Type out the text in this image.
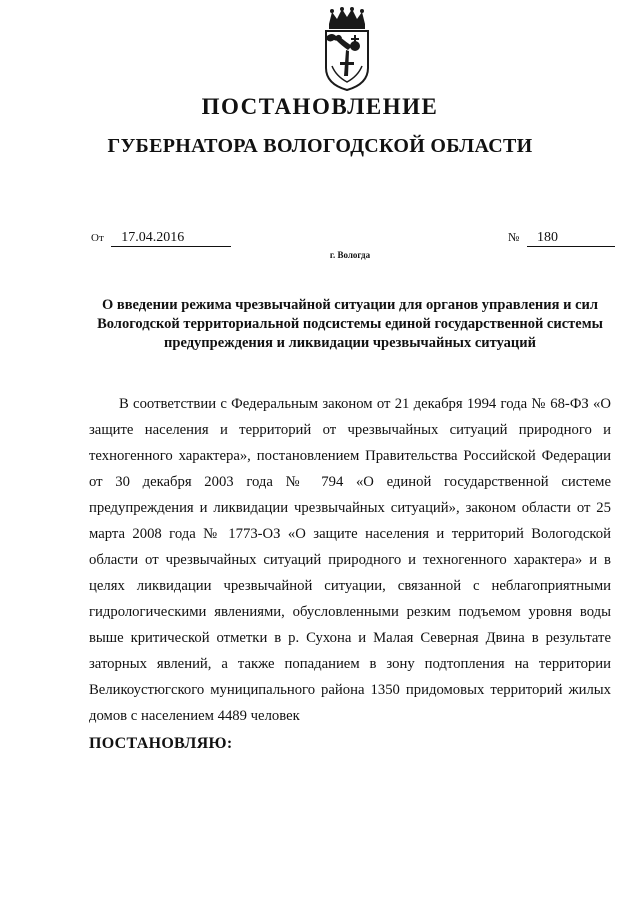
ПОСТАНОВЛЕНИЕ
ГУБЕРНАТОРА ВОЛОГОДСКОЙ ОБЛАСТИ
От 17.04.2016	№ 180
г. Вологда
О введении режима чрезвычайной ситуации для органов управления и сил Вологодской территориальной подсистемы единой государственной системы предупреждения и ликвидации чрезвычайных ситуаций

В соответствии с Федеральным законом от 21 декабря 1994 года № 68-ФЗ «О защите населения и территорий от чрезвычайных ситуаций природного и техногенного характера», постановлением Правительства Российской Федерации от 30 декабря 2003 года № 794 «О единой государственной системе предупреждения и ликвидации чрезвычайных ситуаций», законом области от 25 марта 2008 года № 1773-ОЗ «О защите населения и территорий Вологодской области от чрезвычайных ситуаций природного и техногенного характера» и в целях ликвидации чрезвычайной ситуации, связанной с неблагоприятными гидрологическими явлениями, обусловленными резким подъемом уровня воды выше критической отметки в р. Сухона и Малая Северная Двина в результате заторных явлений, а также попаданием в зону подтопления на территории Великоустюгского муниципального района 1350 придомовых территорий жилых домов с населением 4489 человек

ПОСТАНОВЛЯЮ:
